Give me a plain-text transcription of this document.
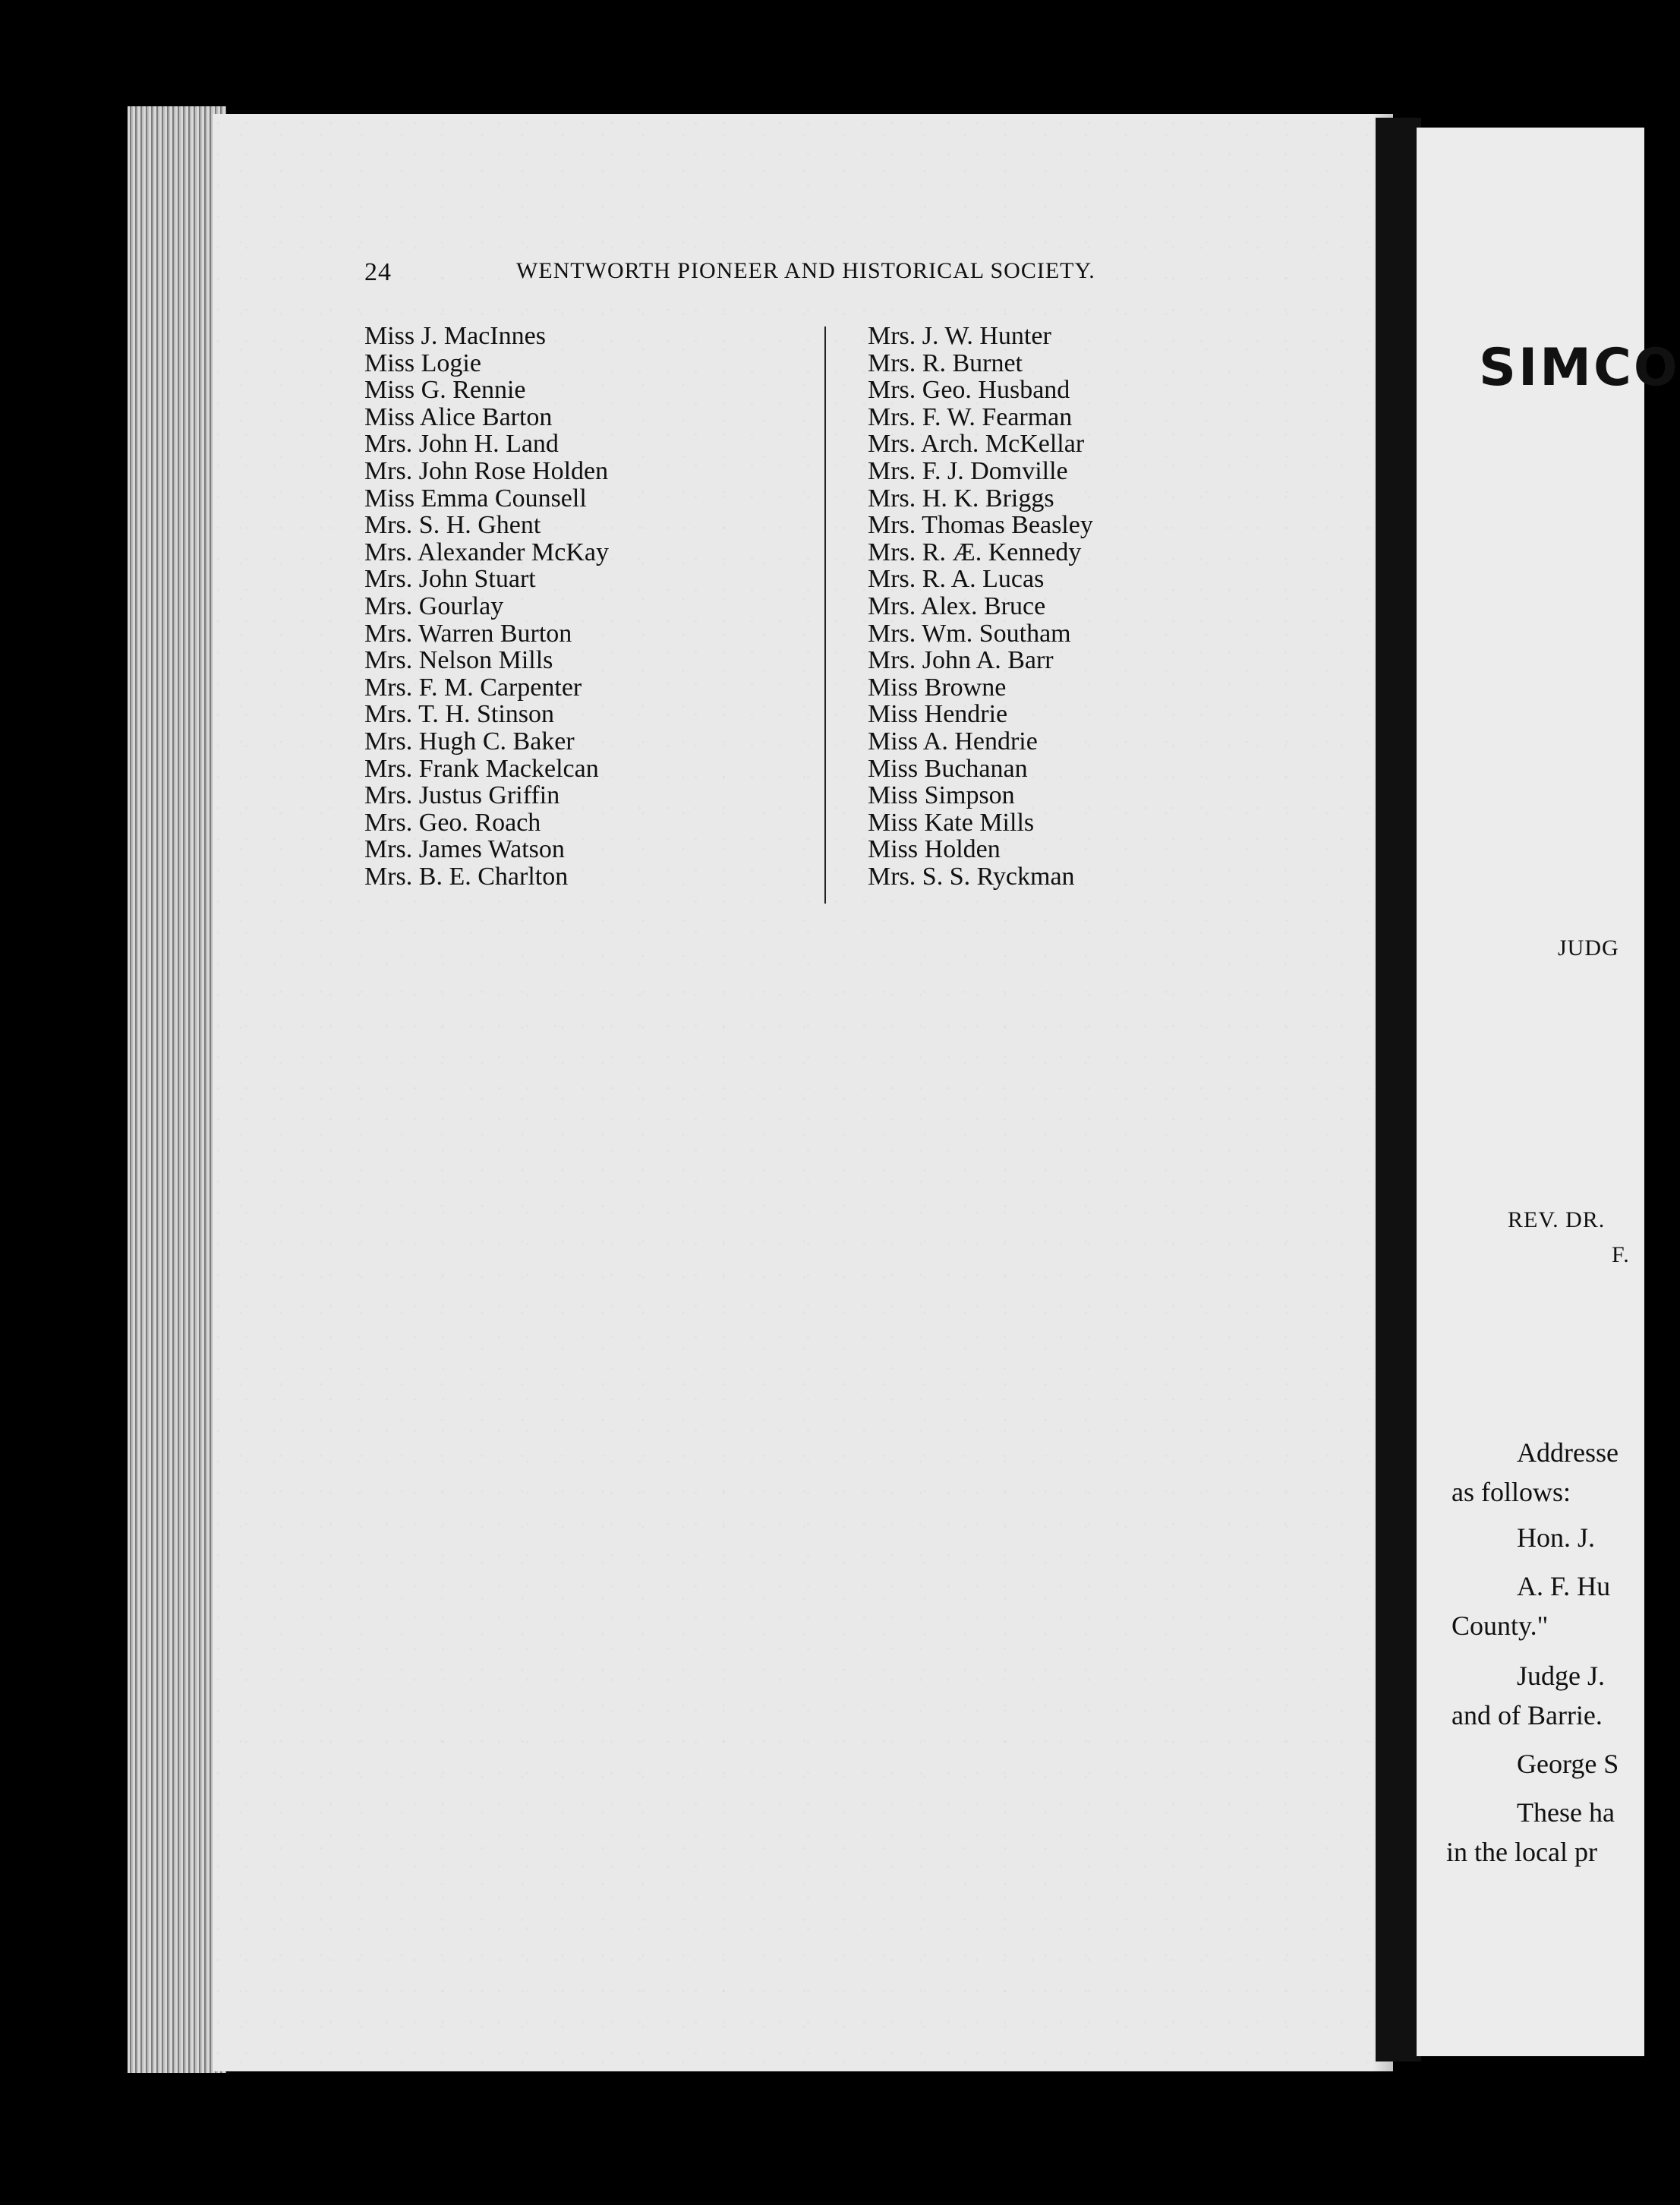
24	WENTWORTH PIONEER AND HISTORICAL SOCIETY.
Miss J. MacInnes
Miss Logie
Miss G. Rennie
Miss Alice Barton
Mrs. John H. Land
Mrs. John Rose Holden
Miss Emma Counsell
Mrs. S. H. Ghent
Mrs. Alexander McKay
Mrs. John Stuart
Mrs. Gourlay
Mrs. Warren Burton
Mrs. Nelson Mills
Mrs. F. M. Carpenter
Mrs. T. H. Stinson
Mrs. Hugh C. Baker
Mrs. Frank Mackelcan
Mrs. Justus Griffin
Mrs. Geo. Roach
Mrs. James Watson
Mrs. B. E. Charlton
Mrs. J. W. Hunter
Mrs. R. Burnet
Mrs. Geo. Husband
Mrs. F. W. Fearman
Mrs. Arch. McKellar
Mrs. F. J. Domville
Mrs. H. K. Briggs
Mrs. Thomas Beasley
Mrs. R. Æ. Kennedy
Mrs. R. A. Lucas
Mrs. Alex. Bruce
Mrs. Wm. Southam
Mrs. John A. Barr
Miss Browne
Miss Hendrie
Miss A. Hendrie
Miss Buchanan
Miss Simpson
Miss Kate Mills
Miss Holden
Mrs. S. S. Ryckman
SIMCO
JUDG
REV. DR.
F.
Addresse
as follows:
Hon. J.
A. F. Hu
County."
Judge J.
and of Barrie.
George S
These ha
in the local pr
